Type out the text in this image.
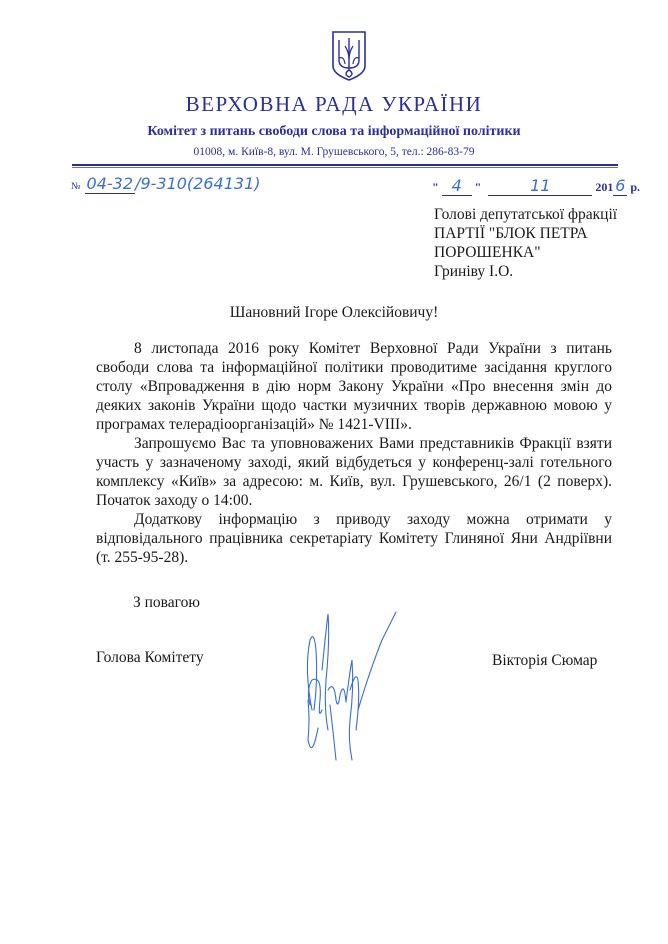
ВЕРХОВНА РАДА УКРАЇНИ
Комітет з питань свободи слова та інформаційної політики
01008, м. Київ-8, вул. М. Грушевського, 5, тел.: 286-83-79
№ 04-32 /9-310(264131)	" 4 "	11	201 6 р.
Голові депутатської фракції
ПАРТІЇ "БЛОК ПЕТРА
ПОРОШЕНКА"
Гриніву І.О.
Шановний Ігоре Олексійовичу!

8 листопада 2016 року Комітет Верховної Ради України з питань свободи слова та інформаційної політики проводитиме засідання круглого столу «Впровадження в дію норм Закону України «Про внесення змін до деяких законів України щодо частки музичних творів державною мовою у програмах телерадіоорганізацій» № 1421-VIII».

Запрошуємо Вас та уповноважених Вами представників Фракції взяти участь у зазначеному заході, який відбудеться у конференц-залі готельного комплексу «Київ» за адресою: м. Київ, вул. Грушевського, 26/1 (2 поверх). Початок заходу о 14:00.

Додаткову інформацію з приводу заходу можна отримати у відповідального працівника секретаріату Комітету Глиняної Яни Андріївни (т. 255-95-28).

З повагою
Голова Комітету	Вікторія Сюмар
